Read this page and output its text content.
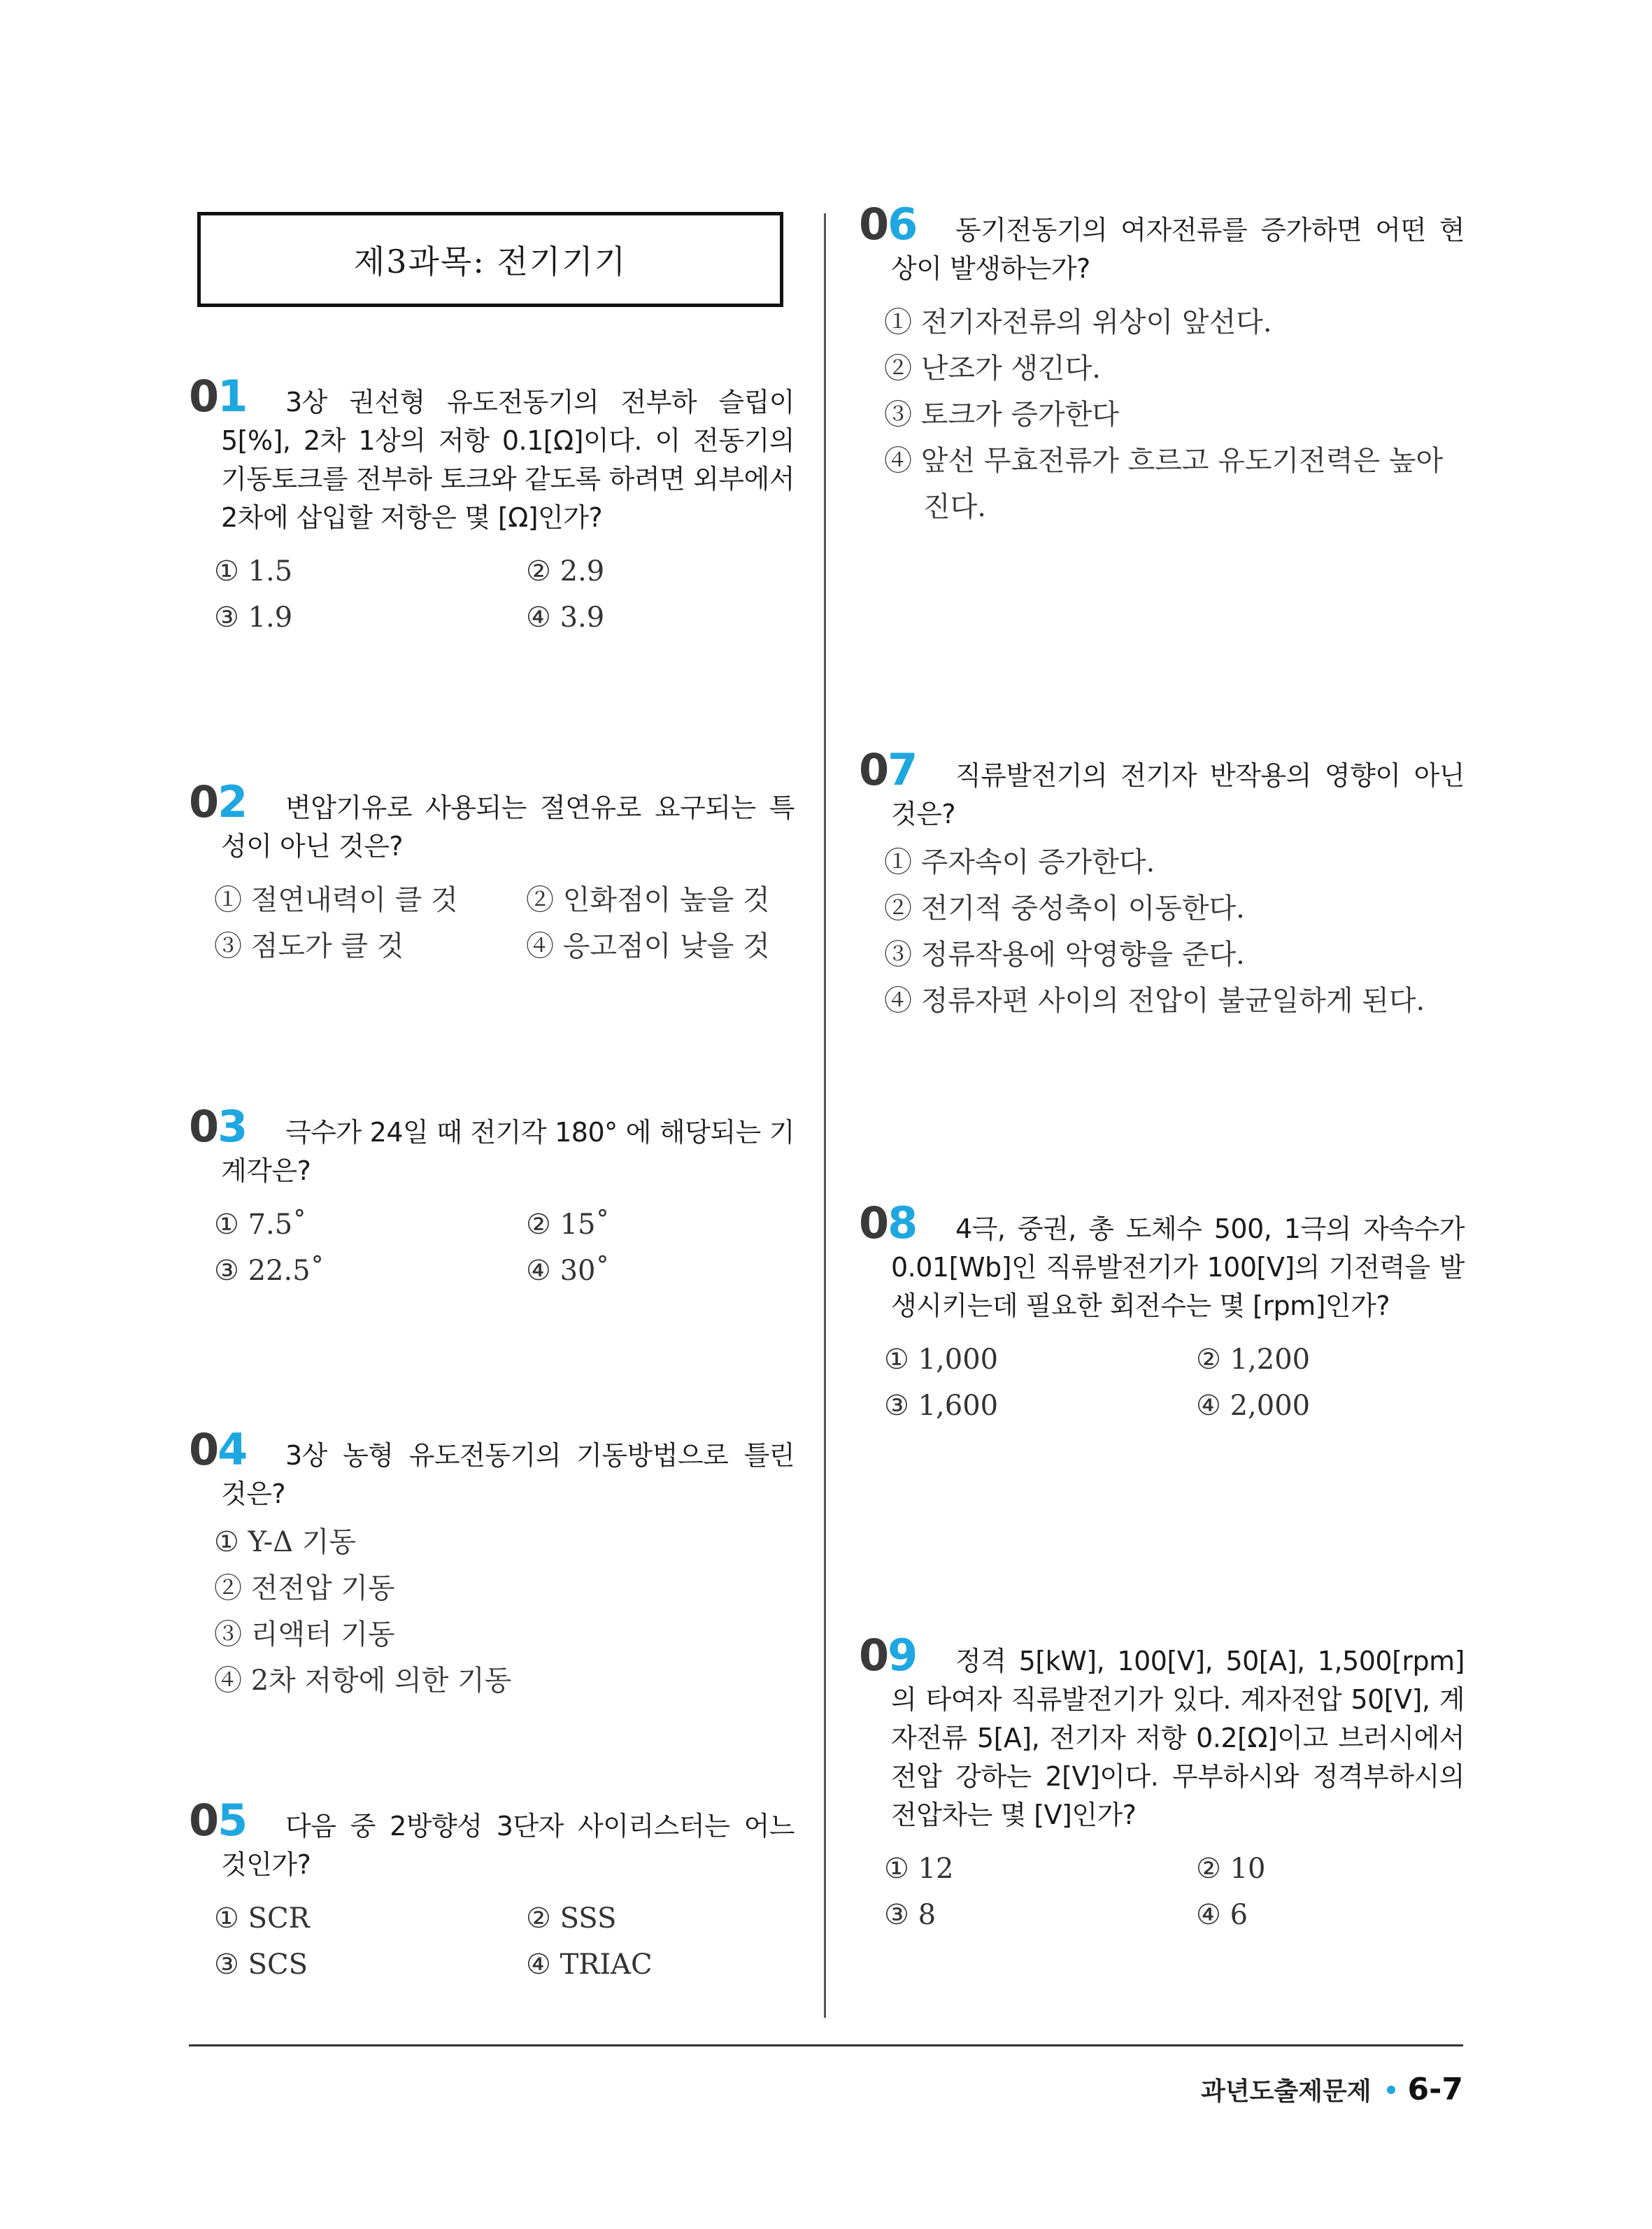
제3과목: 전기기기
01	3상 권선형 유도전동기의 전부하 슬립이 5[%], 2차 1상의 저항 0.1[Ω]이다. 이 전동기의 기동토크를 전부하 토크와 같도록 하려면 외부에서 2차에 삽입할 저항은 몇 [Ω]인가?
① 1.5	② 2.9
③ 1.9	④ 3.9
02	변압기유로 사용되는 절연유로 요구되는 특성이 아닌 것은?
① 절연내력이 클 것	② 인화점이 높을 것
③ 점도가 클 것	④ 응고점이 낮을 것
03	극수가 24일 때 전기각 180° 에 해당되는 기계각은?
① 7.5˚	② 15˚
③ 22.5˚	④ 30˚
04	3상 농형 유도전동기의 기동방법으로 틀린 것은?
① Y-Δ 기동
② 전전압 기동
③ 리액터 기동
④ 2차 저항에 의한 기동
05	다음 중 2방향성 3단자 사이리스터는 어느 것인가?
① SCR	② SSS
③ SCS	④ TRIAC
06	동기전동기의 여자전류를 증가하면 어떤 현상이 발생하는가?
① 전기자전류의 위상이 앞선다.
② 난조가 생긴다.
③ 토크가 증가한다
④ 앞선 무효전류가 흐르고 유도기전력은 높아
진다.
07	직류발전기의 전기자 반작용의 영향이 아닌 것은?
① 주자속이 증가한다.
② 전기적 중성축이 이동한다.
③ 정류작용에 악영향을 준다.
④ 정류자편 사이의 전압이 불균일하게 된다.
08	4극, 중권, 총 도체수 500, 1극의 자속수가 0.01[Wb]인 직류발전기가 100[V]의 기전력을 발생시키는데 필요한 회전수는 몇 [rpm]인가?
① 1,000	② 1,200
③ 1,600	④ 2,000
09	정격 5[kW], 100[V], 50[A], 1,500[rpm]의 타여자 직류발전기가 있다. 계자전압 50[V], 계자전류 5[A], 전기자 저항 0.2[Ω]이고 브러시에서 전압 강하는 2[V]이다. 무부하시와 정격부하시의 전압차는 몇 [V]인가?
① 12	② 10
③ 8	④ 6
과년도출제문제 6-7
